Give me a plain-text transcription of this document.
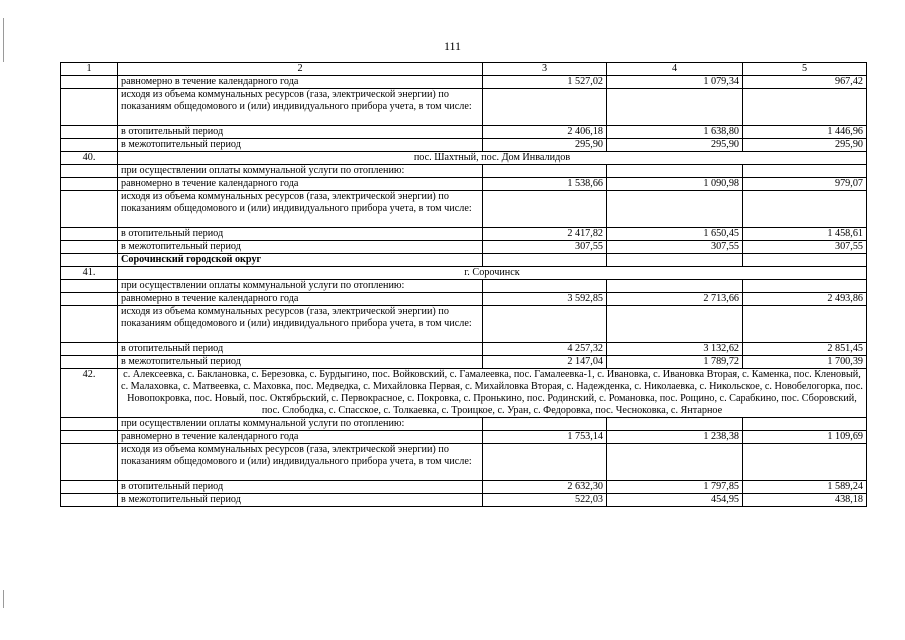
111
1	2	3	4	5
	равномерно в течение календарного года	1 527,02	1 079,34	967,42
	исходя из объема коммунальных ресурсов (газа, электрической энергии) по показаниям общедомового и (или) индивидуального прибора учета, в том числе:			
	в отопительный период	2 406,18	1 638,80	1 446,96
	в межотопительный период	295,90	295,90	295,90
40.	пос. Шахтный, пос. Дом Инвалидов			
	при осуществлении оплаты коммунальной услуги по отоплению:			
	равномерно в течение календарного года	1 538,66	1 090,98	979,07
	исходя из объема коммунальных ресурсов (газа, электрической энергии) по показаниям общедомового и (или) индивидуального прибора учета, в том числе:			
	в отопительный период	2 417,82	1 650,45	1 458,61
	в межотопительный период	307,55	307,55	307,55
	Сорочинский городской округ			
41.	г. Сорочинск			
	при осуществлении оплаты коммунальной услуги по отоплению:			
	равномерно в течение календарного года	3 592,85	2 713,66	2 493,86
	исходя из объема коммунальных ресурсов (газа, электрической энергии) по показаниям общедомового и (или) индивидуального прибора учета, в том числе:			
	в отопительный период	4 257,32	3 132,62	2 851,45
	в межотопительный период	2 147,04	1 789,72	1 700,39
42.	с. Алексеевка, с. Баклановка, с. Березовка, с. Бурдыгино, пос. Войковский, с. Гамалеевка, пос. Гамалеевка-1, с. Ивановка, с. Ивановка Вторая, с. Каменка, пос. Кленовый, с. Малаховка, с. Матвеевка, с. Маховка, пос. Медведка, с. Михайловка Первая, с. Михайловка Вторая, с. Надежденка, с. Николаевка, с. Никольское, с. Новобелогорка, пос. Новопокровка, пос. Новый, пос. Октябрьский, с. Первокрасное, с. Покровка, с. Пронькино, пос. Родинский, с. Романовка, пос. Рощино, с. Сарабкино, пос. Сборовский, пос. Слободка, с. Спасское, с. Толкаевка, с. Троицкое, с. Уран, с. Федоровка, пос. Чесноковка, с. Янтарное			
	при осуществлении оплаты коммунальной услуги по отоплению:			
	равномерно в течение календарного года	1 753,14	1 238,38	1 109,69
	исходя из объема коммунальных ресурсов (газа, электрической энергии) по показаниям общедомового и (или) индивидуального прибора учета, в том числе:			
	в отопительный период	2 632,30	1 797,85	1 589,24
	в межотопительный период	522,03	454,95	438,18
